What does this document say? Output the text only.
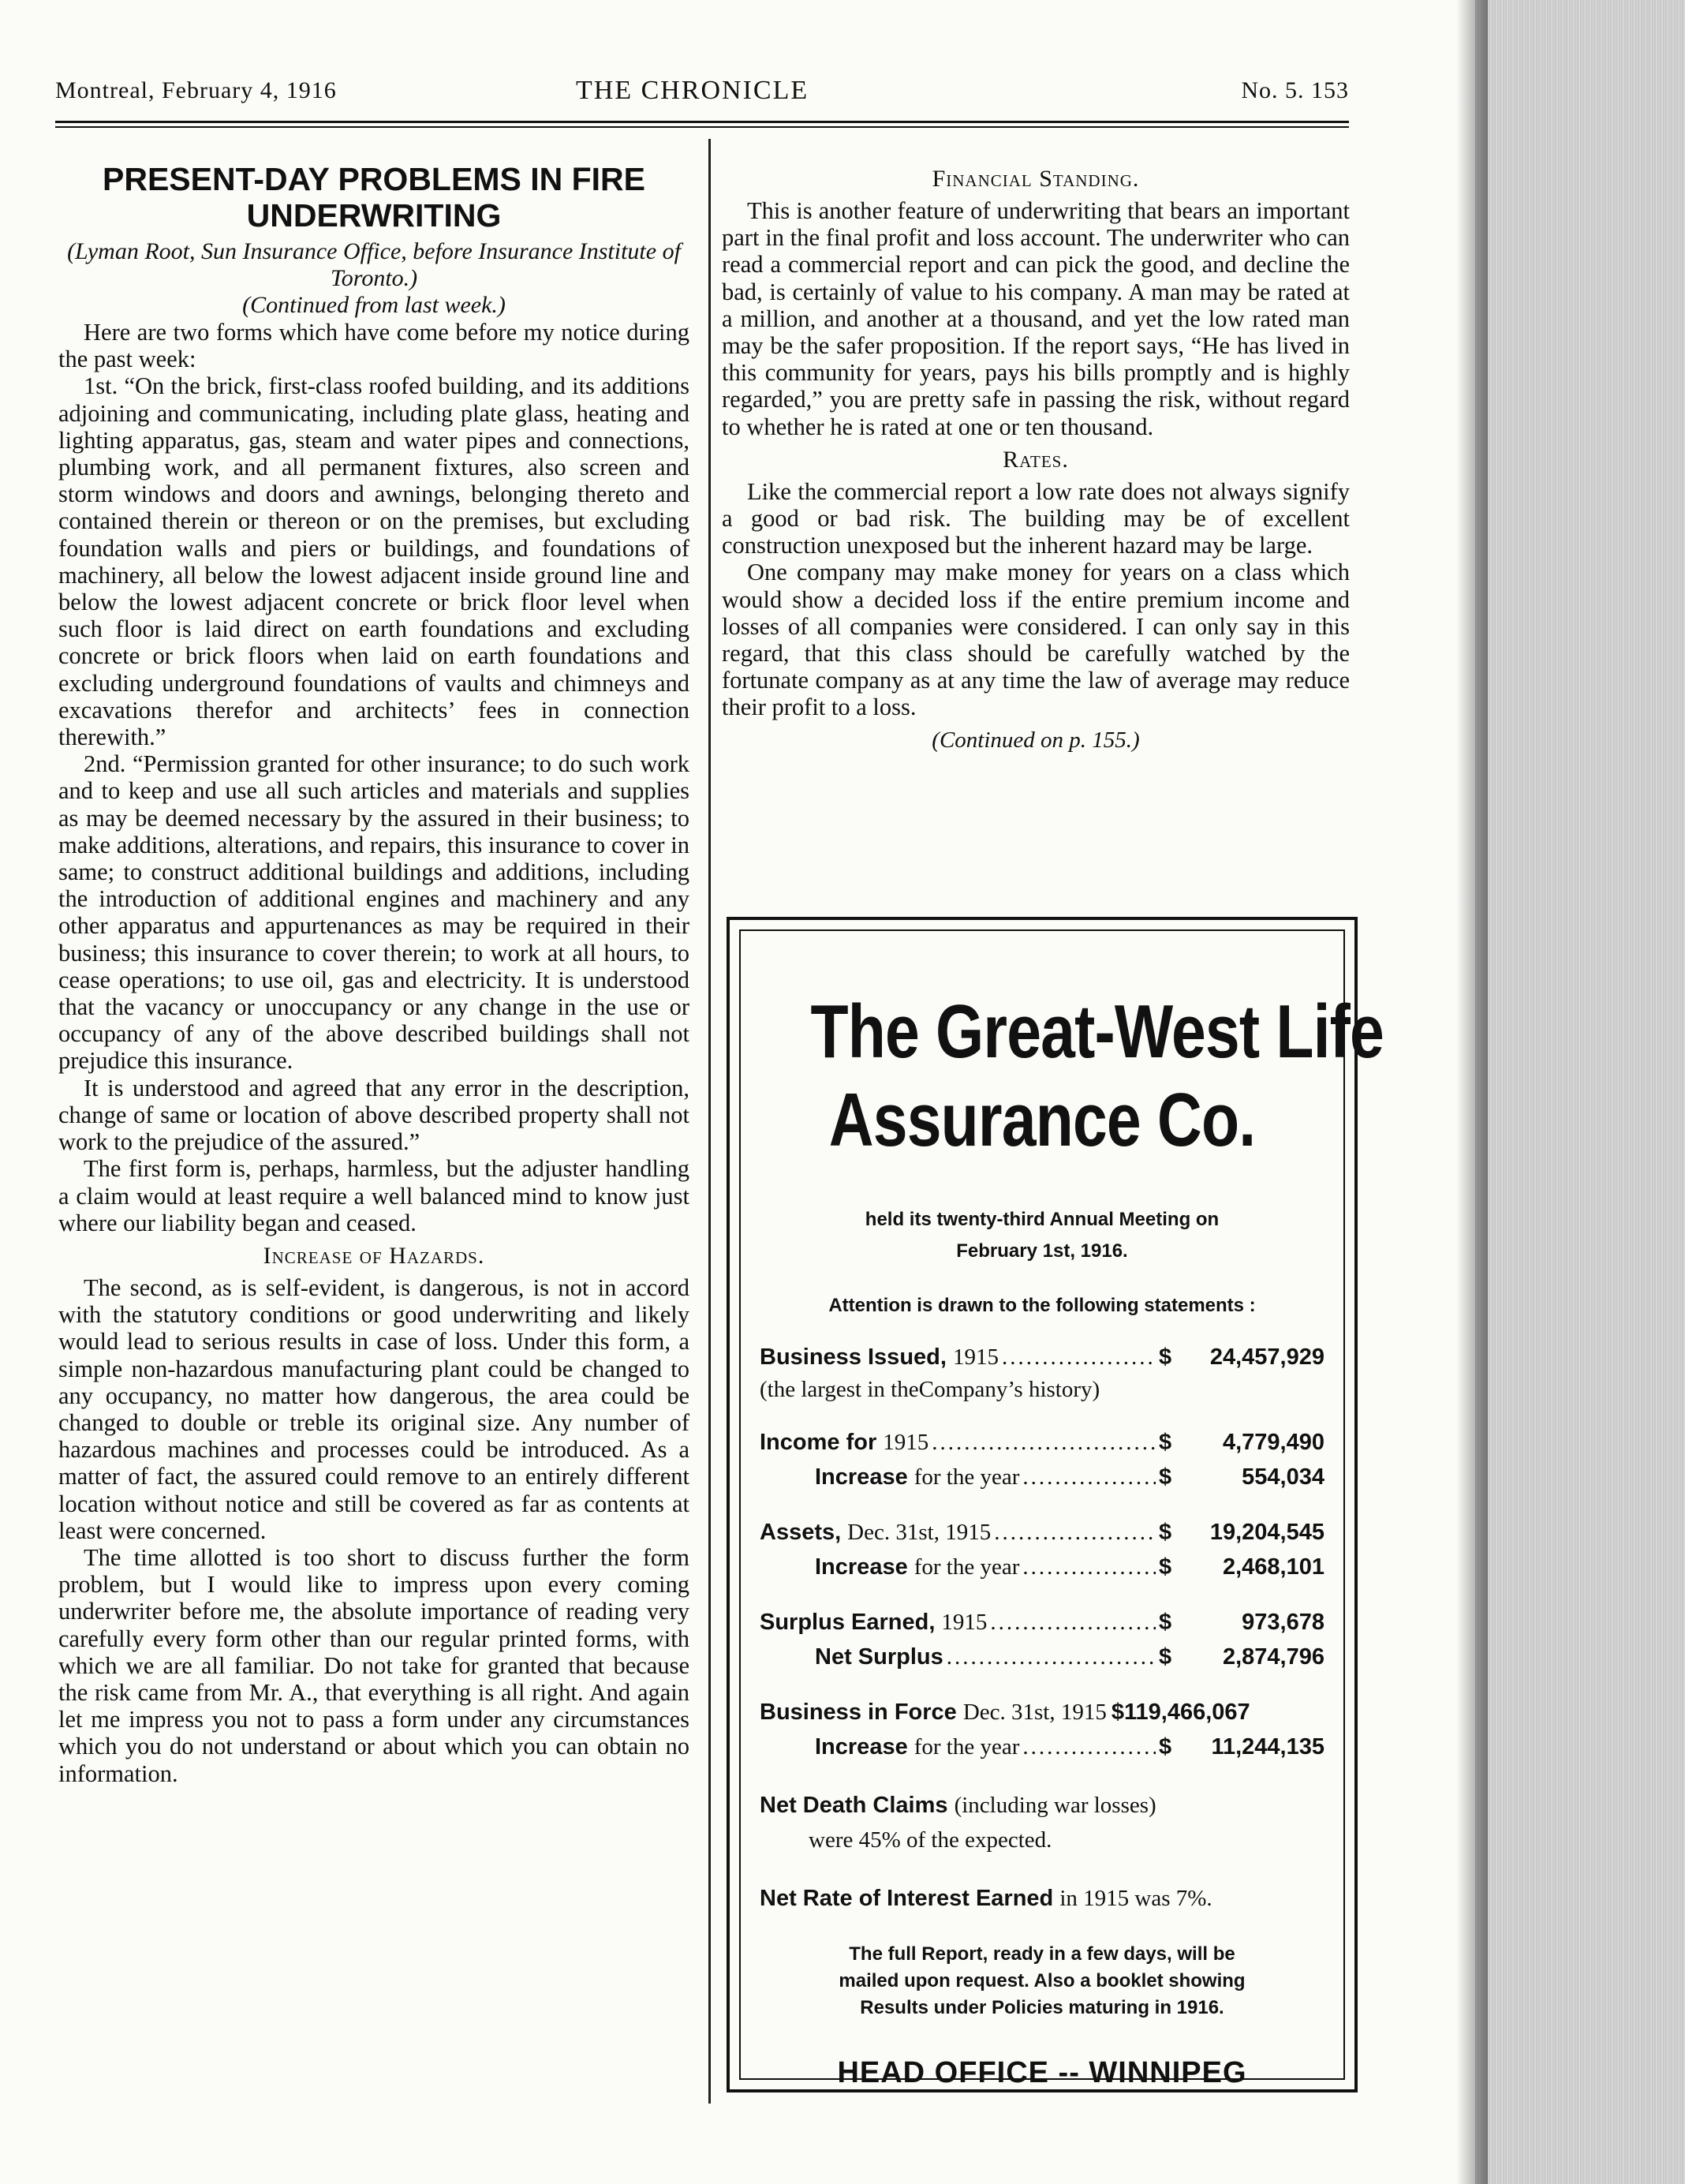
Montreal, February 4, 1916	THE CHRONICLE	No. 5. 153
PRESENT-DAY PROBLEMS IN FIRE UNDERWRITING
(Lyman Root, Sun Insurance Office, before Insurance Institute of Toronto.)
(Continued from last week.)

Here are two forms which have come before my notice during the past week:

1st. “On the brick, first-class roofed building, and its additions adjoining and communicating, including plate glass, heating and lighting apparatus, gas, steam and water pipes and connections, plumbing work, and all permanent fixtures, also screen and storm windows and doors and awnings, belonging thereto and contained therein or thereon or on the premises, but excluding foundation walls and piers or buildings, and foundations of machinery, all below the lowest adjacent inside ground line and below the lowest adjacent concrete or brick floor level when such floor is laid direct on earth foundations and excluding concrete or brick floors when laid on earth foundations and excluding underground foundations of vaults and chimneys and excavations therefor and architects’ fees in connection therewith.”

2nd. “Permission granted for other insurance; to do such work and to keep and use all such articles and materials and supplies as may be deemed necessary by the assured in their business; to make additions, alterations, and repairs, this insurance to cover in same; to construct additional buildings and additions, including the introduction of additional engines and machinery and any other apparatus and appurtenances as may be required in their business; this insurance to cover therein; to work at all hours, to cease operations; to use oil, gas and electricity. It is understood that the vacancy or unoccupancy or any change in the use or occupancy of any of the above described buildings shall not prejudice this insurance.

It is understood and agreed that any error in the description, change of same or location of above described property shall not work to the prejudice of the assured.”

The first form is, perhaps, harmless, but the adjuster handling a claim would at least require a well balanced mind to know just where our liability began and ceased.

Increase of Hazards.

The second, as is self-evident, is dangerous, is not in accord with the statutory conditions or good underwriting and likely would lead to serious results in case of loss. Under this form, a simple non-hazardous manufacturing plant could be changed to any occupancy, no matter how dangerous, the area could be changed to double or treble its original size. Any number of hazardous machines and processes could be introduced. As a matter of fact, the assured could remove to an entirely different location without notice and still be covered as far as contents at least were concerned.

The time allotted is too short to discuss further the form problem, but I would like to impress upon every coming underwriter before me, the absolute importance of reading very carefully every form other than our regular printed forms, with which we are all familiar. Do not take for granted that because the risk came from Mr. A., that everything is all right. And again let me impress you not to pass a form under any circumstances which you do not understand or about which you can obtain no information.

Financial Standing.

This is another feature of underwriting that bears an important part in the final profit and loss account. The underwriter who can read a commercial report and can pick the good, and decline the bad, is certainly of value to his company. A man may be rated at a million, and another at a thousand, and yet the low rated man may be the safer proposition. If the report says, “He has lived in this community for years, pays his bills promptly and is highly regarded,” you are pretty safe in passing the risk, without regard to whether he is rated at one or ten thousand.

Rates.

Like the commercial report a low rate does not always signify a good or bad risk. The building may be of excellent construction unexposed but the inherent hazard may be large.

One company may make money for years on a class which would show a decided loss if the entire premium income and losses of all companies were considered. I can only say in this regard, that this class should be carefully watched by the fortunate company as at any time the law of average may reduce their profit to a loss.

(Continued on p. 155.)
The Great-West Life
Assurance Co.
held its twenty-third Annual Meeting on
February 1st, 1916.
Attention is drawn to the following statements :
Business Issued, 1915 .....	$ 24,457,929
(the largest in theCompany’s history)
Income for 1915 .....	$ 4,779,490
Increase for the year .....	$	554,034
Assets, Dec. 31st, 1915 .....	$ 19,204,545
Increase for the year .....	$ 2,468,101
Surplus Earned, 1915 .....	$	973,678
Net Surplus .....	$ 2,874,796
Business in Force Dec. 31st, 1915 $119,466,067
Increase for the year .....	$ 11,244,135
Net Death Claims (including war losses)
were 45% of the expected.
Net Rate of Interest Earned in 1915 was 7%.
The full Report, ready in a few days, will be
mailed upon request. Also a booklet showing
Results under Policies maturing in 1916.
HEAD OFFICE -- WINNIPEG
